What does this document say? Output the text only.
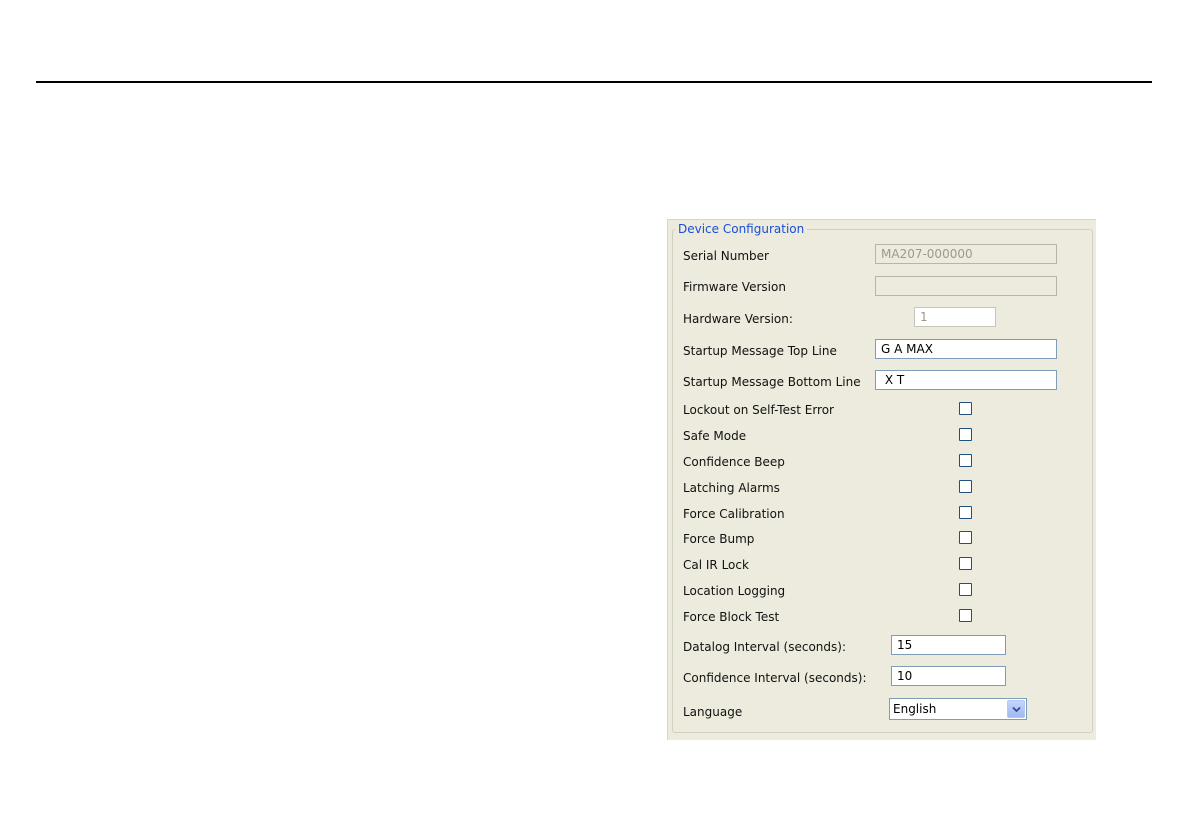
Device Configuration
Serial Number
MA207-000000
Firmware Version
Hardware Version:
1
Startup Message Top Line
G A MAX
Startup Message Bottom Line
X T
Lockout on Self-Test Error
Safe Mode
Confidence Beep
Latching Alarms
Force Calibration
Force Bump
Cal IR Lock
Location Logging
Force Block Test
Datalog Interval (seconds):
15
Confidence Interval (seconds):
10
Language	English
